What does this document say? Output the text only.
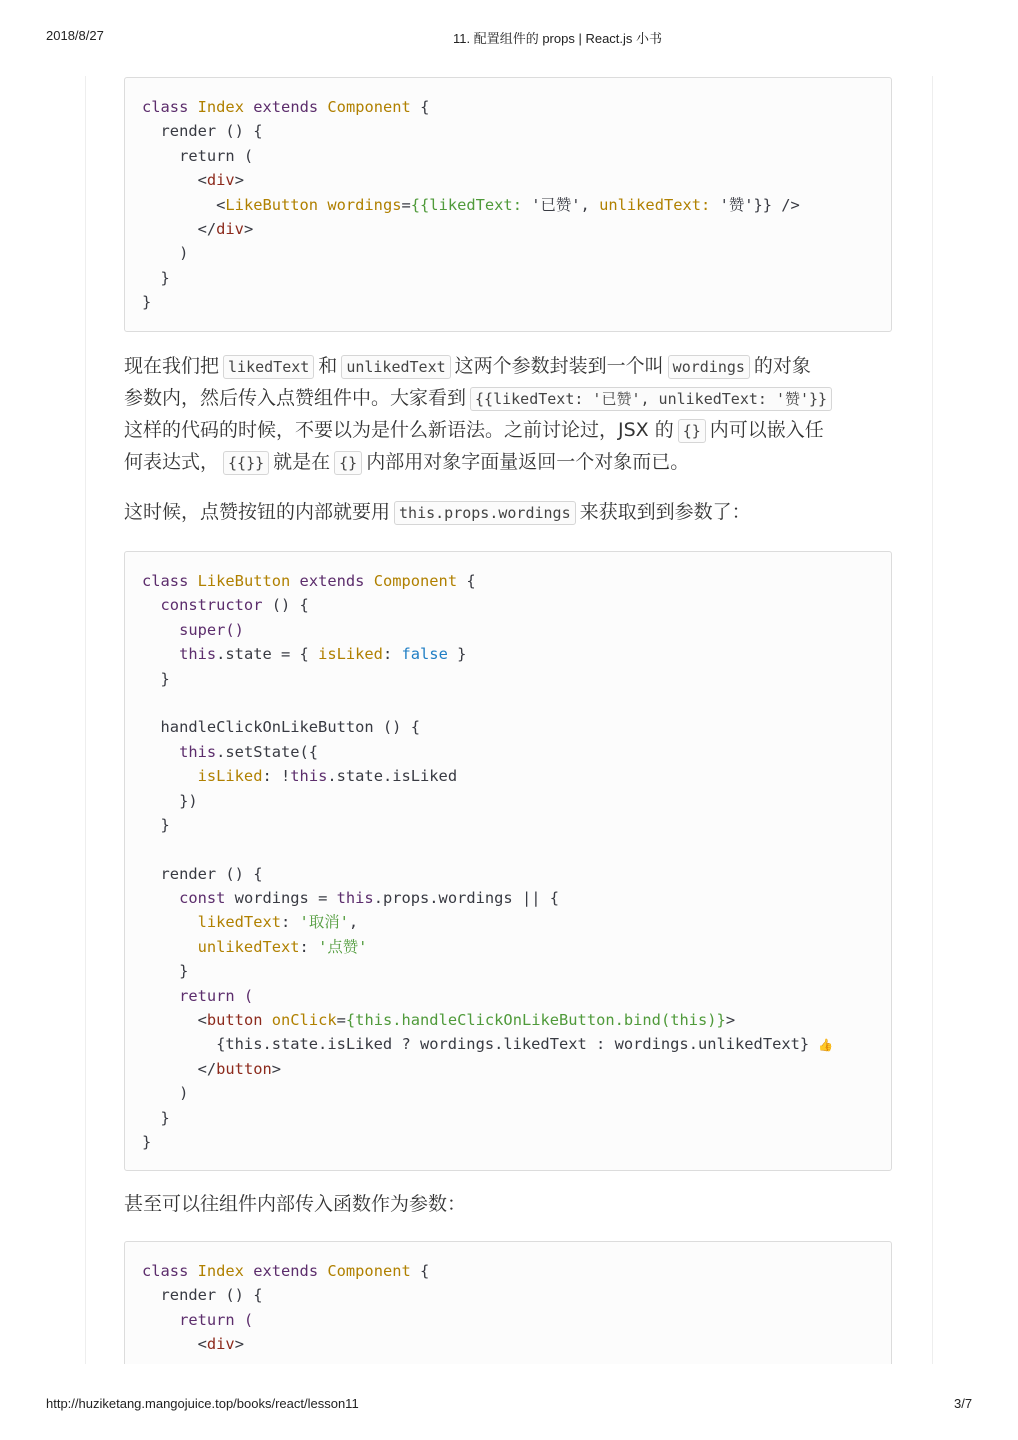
2018/8/27	11. 配置组件的 props | React.js 小书
class Index extends Component {
render () {
return (
<div>
<LikeButton wordings={{likedText: '已赞', unlikedText: '赞'}} />
</div>
)
}
}
现在我们把 likedText 和 unlikedText 这两个参数封装到一个叫 wordings 的对象
参数内，然后传入点赞组件中。大家看到 {{likedText: '已赞', unlikedText: '赞'}}
这样的代码的时候，不要以为是什么新语法。之前讨论过，JSX 的 {} 内可以嵌入任
何表达式， {{}} 就是在 {} 内部用对象字面量返回一个对象而已。
这时候，点赞按钮的内部就要用 this.props.wordings 来获取到到参数了：
class LikeButton extends Component {
constructor () {
super()
this.state = { isLiked: false }
}
handleClickOnLikeButton () {
this.setState({
isLiked: !this.state.isLiked
})
}
render () {
const wordings = this.props.wordings || {
likedText: '取消',
unlikedText: '点赞'
}
return (
<button onClick={this.handleClickOnLikeButton.bind(this)}>
{this.state.isLiked ? wordings.likedText : wordings.unlikedText} 👍
</button>
)
}
}
甚至可以往组件内部传入函数作为参数：
class Index extends Component {
render () {
return (
<div>
http://huziketang.mangojuice.top/books/react/lesson11	3/7
